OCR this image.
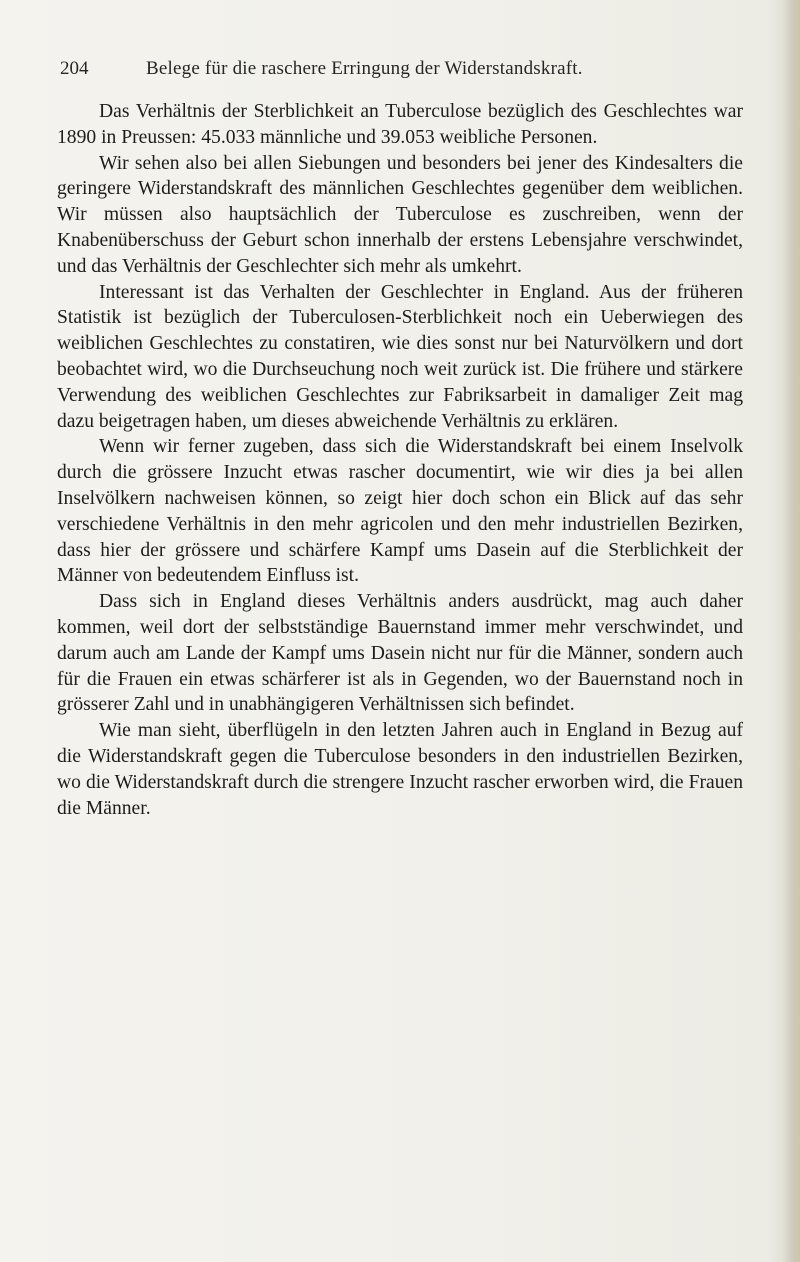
204	Belege für die raschere Erringung der Widerstandskraft.

Das Verhältnis der Sterblichkeit an Tuberculose bezüglich des Geschlechtes war 1890 in Preussen: 45.033 männliche und 39.053 weibliche Personen.

Wir sehen also bei allen Siebungen und besonders bei jener des Kindesalters die geringere Widerstandskraft des männlichen Geschlechtes gegenüber dem weiblichen. Wir müssen also hauptsächlich der Tuberculose es zuschreiben, wenn der Knabenüberschuss der Geburt schon innerhalb der erstens Lebensjahre verschwindet, und das Verhältnis der Geschlechter sich mehr als umkehrt.

Interessant ist das Verhalten der Geschlechter in England. Aus der früheren Statistik ist bezüglich der Tuberculosen-Sterblichkeit noch ein Ueberwiegen des weiblichen Geschlechtes zu constatiren, wie dies sonst nur bei Naturvölkern und dort beobachtet wird, wo die Durchseuchung noch weit zurück ist. Die frühere und stärkere Verwendung des weiblichen Geschlechtes zur Fabriksarbeit in damaliger Zeit mag dazu beigetragen haben, um dieses abweichende Verhältnis zu erklären.

Wenn wir ferner zugeben, dass sich die Widerstandskraft bei einem Inselvolk durch die grössere Inzucht etwas rascher documentirt, wie wir dies ja bei allen Inselvölkern nachweisen können, so zeigt hier doch schon ein Blick auf das sehr verschiedene Verhältnis in den mehr agricolen und den mehr industriellen Bezirken, dass hier der grössere und schärfere Kampf ums Dasein auf die Sterblichkeit der Männer von bedeutendem Einfluss ist.

Dass sich in England dieses Verhältnis anders ausdrückt, mag auch daher kommen, weil dort der selbstständige Bauernstand immer mehr verschwindet, und darum auch am Lande der Kampf ums Dasein nicht nur für die Männer, sondern auch für die Frauen ein etwas schärferer ist als in Gegenden, wo der Bauernstand noch in grösserer Zahl und in unabhängigeren Verhältnissen sich befindet.

Wie man sieht, überflügeln in den letzten Jahren auch in England in Bezug auf die Widerstandskraft gegen die Tuberculose besonders in den industriellen Bezirken, wo die Widerstandskraft durch die strengere Inzucht rascher erworben wird, die Frauen die Männer.
